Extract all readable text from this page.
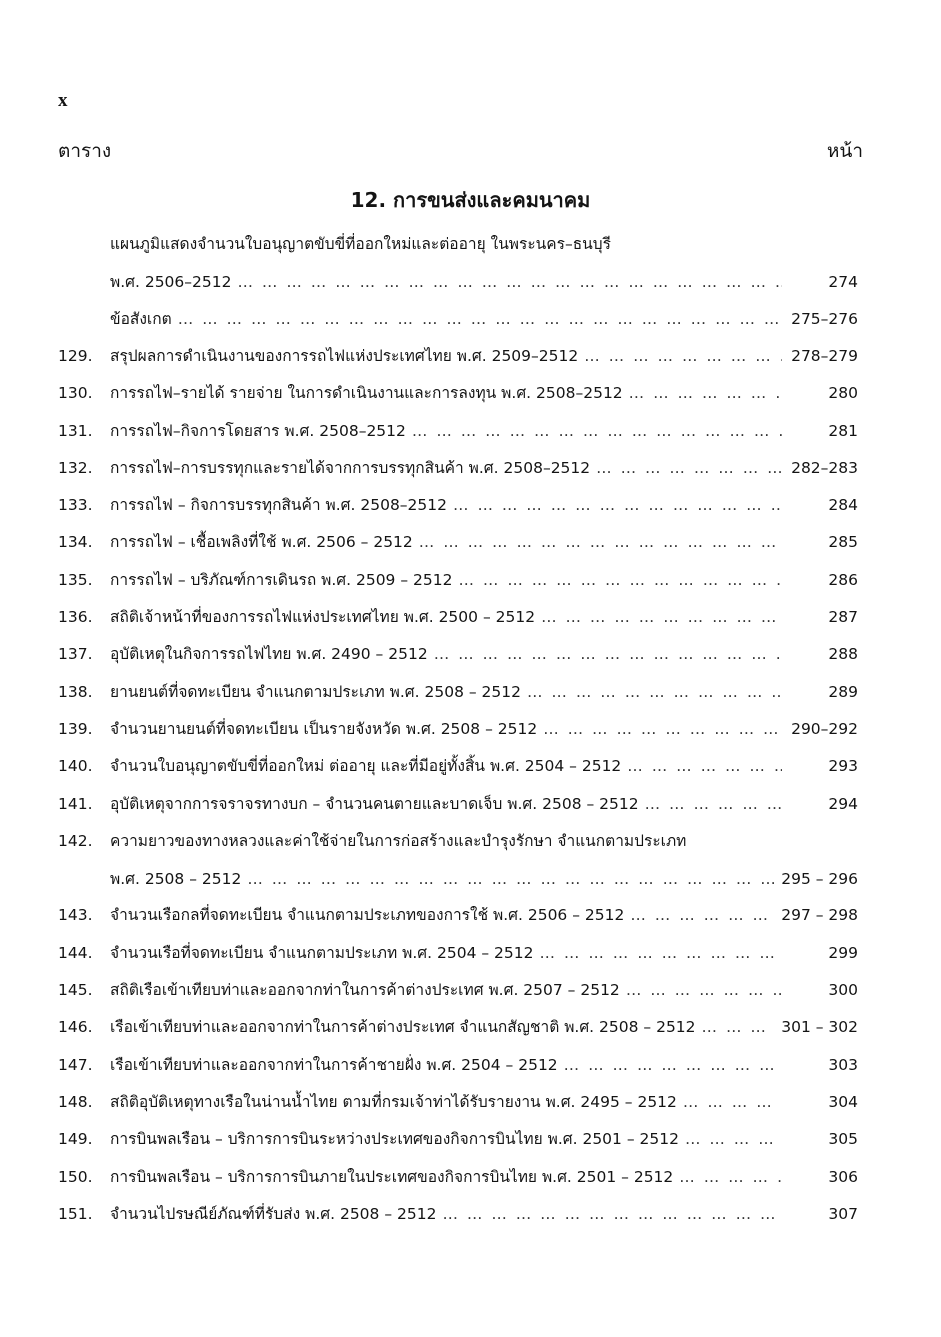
x
ตาราง	หน้า
12. การขนส่งและคมนาคม
แผนภูมิแสดงจำนวนใบอนุญาตขับขี่ที่ออกใหม่และต่ออายุ ในพระนคร–ธนบุรี
พ.ศ. 2506–2512 … … … … … … … … … … … … … … … … … … … … … … … … … … … … … … … … … … … … … … … …	274
ข้อสังเกต … … … … … … … … … … … … … … … … … … … … … … … … … … … … … … … … … … … … … … … …	275–276
129.	สรุปผลการดำเนินงานของการรถไฟแห่งประเทศไทย พ.ศ. 2509–2512 … … … … … … … … … … … … … … … … … … … … … … … … … … … … … … … … … … … … … … … …	278–279
130.	การรถไฟ–รายได้ รายจ่าย ในการดำเนินงานและการลงทุน พ.ศ. 2508–2512 … … … … … … … … … … … … … … … … … … … … … … … … … … … … … … … … … … … … … … … …	280
131.	การรถไฟ–กิจการโดยสาร พ.ศ. 2508–2512 … … … … … … … … … … … … … … … … … … … … … … … … … … … … … … … … … … … … … … … …	281
132.	การรถไฟ–การบรรทุกและรายได้จากการบรรทุกสินค้า พ.ศ. 2508–2512 … … … … … … … … … … … … … … … … … … … … … … … … … … … … … … … … … … … … … … … …	282–283
133.	การรถไฟ – กิจการบรรทุกสินค้า พ.ศ. 2508–2512 … … … … … … … … … … … … … … … … … … … … … … … … … … … … … … … … … … … … … … … …	284
134.	การรถไฟ – เชื้อเพลิงที่ใช้ พ.ศ. 2506 – 2512 … … … … … … … … … … … … … … … … … … … … … … … … … … … … … … … … … … … … … … … …	285
135.	การรถไฟ – บริภัณฑ์การเดินรถ พ.ศ. 2509 – 2512 … … … … … … … … … … … … … … … … … … … … … … … … … … … … … … … … … … … … … … … …	286
136.	สถิติเจ้าหน้าที่ของการรถไฟแห่งประเทศไทย พ.ศ. 2500 – 2512 … … … … … … … … … … … … … … … … … … … … … … … … … … … … … … … … … … … … … … … …	287
137.	อุบัติเหตุในกิจการรถไฟไทย พ.ศ. 2490 – 2512 … … … … … … … … … … … … … … … … … … … … … … … … … … … … … … … … … … … … … … … …	288
138.	ยานยนต์ที่จดทะเบียน จำแนกตามประเภท พ.ศ. 2508 – 2512 … … … … … … … … … … … … … … … … … … … … … … … … … … … … … … … … … … … … … … … …	289
139.	จำนวนยานยนต์ที่จดทะเบียน เป็นรายจังหวัด พ.ศ. 2508 – 2512 … … … … … … … … … … … … … … … … … … … … … … … … … … … … … … … … … … … … … … … …	290–292
140.	จำนวนใบอนุญาตขับขี่ที่ออกใหม่ ต่ออายุ และที่มีอยู่ทั้งสิ้น พ.ศ. 2504 – 2512 … … … … … … … … … … … … … … … … … … … … … … … … … … … … … … … … … … … … … … … …	293
141.	อุบัติเหตุจากการจราจรทางบก – จำนวนคนตายและบาดเจ็บ พ.ศ. 2508 – 2512 … … … … … … … … … … … … … … … … … … … … … … … … … … … … … … … … … … … … … … … …	294
142.	ความยาวของทางหลวงและค่าใช้จ่ายในการก่อสร้างและบำรุงรักษา จำแนกตามประเภท
พ.ศ. 2508 – 2512 … … … … … … … … … … … … … … … … … … … … … … … … … … … … … … … … … … … … … … … …	295 – 296
143.	จำนวนเรือกลที่จดทะเบียน จำแนกตามประเภทของการใช้ พ.ศ. 2506 – 2512 … … … … … … … … … … … … … … … … … … … … … … … … … … … … … … … … … … … … … … … …	297 – 298
144.	จำนวนเรือที่จดทะเบียน จำแนกตามประเภท พ.ศ. 2504 – 2512 … … … … … … … … … … … … … … … … … … … … … … … … … … … … … … … … … … … … … … … …	299
145.	สถิติเรือเข้าเทียบท่าและออกจากท่าในการค้าต่างประเทศ พ.ศ. 2507 – 2512 … … … … … … … … … … … … … … … … … … … … … … … … … … … … … … … … … … … … … … … …	300
146.	เรือเข้าเทียบท่าและออกจากท่าในการค้าต่างประเทศ จำแนกสัญชาติ พ.ศ. 2508 – 2512 … … … … … … … … … … … … … … … … … … … … … … … … … … … … … … … … … … … … … … … …	301 – 302
147.	เรือเข้าเทียบท่าและออกจากท่าในการค้าชายฝั่ง พ.ศ. 2504 – 2512 … … … … … … … … … … … … … … … … … … … … … … … … … … … … … … … … … … … … … … … …	303
148.	สถิติอุบัติเหตุทางเรือในน่านน้ำไทย ตามที่กรมเจ้าท่าได้รับรายงาน พ.ศ. 2495 – 2512 … … … … … … … … … … … … … … … … … … … … … … … … … … … … … … … … … … … … … … … …	304
149.	การบินพลเรือน – บริการการบินระหว่างประเทศของกิจการบินไทย พ.ศ. 2501 – 2512 … … … … … … … … … … … … … … … … … … … … … … … … … … … … … … … … … … … … … … … …	305
150.	การบินพลเรือน – บริการการบินภายในประเทศของกิจการบินไทย พ.ศ. 2501 – 2512 … … … … … … … … … … … … … … … … … … … … … … … … … … … … … … … … … … … … … … … …	306
151.	จำนวนไปรษณีย์ภัณฑ์ที่รับส่ง พ.ศ. 2508 – 2512 … … … … … … … … … … … … … … … … … … … … … … … … … … … … … … … … … … … … … … … …	307
